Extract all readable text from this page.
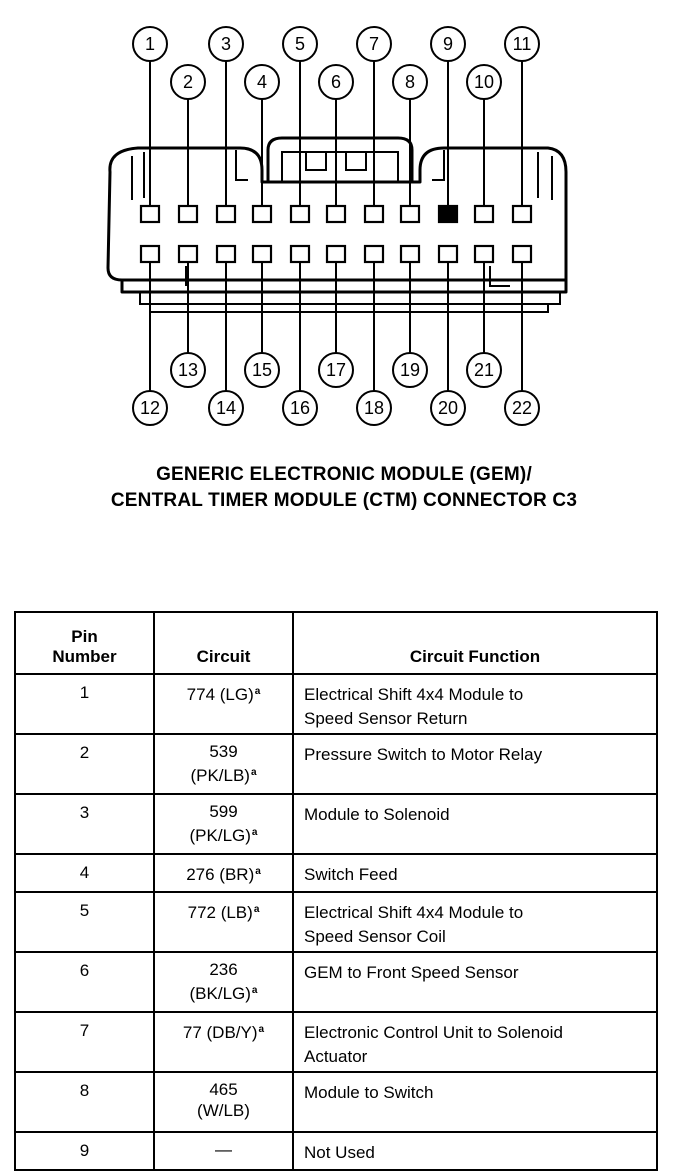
1
2
3
4
5
6
7
8
9
10
11
12
13
14
15
16
17
18
19
20
21
22

GENERIC ELECTRONIC MODULE (GEM)/

CENTRAL TIMER MODULE (CTM) CONNECTOR C3

Pin
Number	Circuit	Circuit Function
1	774 (LG)$^a$	Electrical Shift 4x4 Module to
Speed Sensor Return

2	539
$(PK/LB)^a$	Pressure Switch to Motor Relay

3	599
$(PK/LG)^a$	Module to Solenoid

4	276 (BR)$^a$	Switch Feed

5	772 (LB)$^a$	Electrical Shift 4x4 Module to
Speed Sensor Coil

6	236
$(BK/LG)^a$	GEM to Front Speed Sensor

7	77 $(DB/Y)^a$	Electronic Control Unit to Solenoid
Actuator

8	465
(W/LB)	Module to Switch

9	—	Not Used
